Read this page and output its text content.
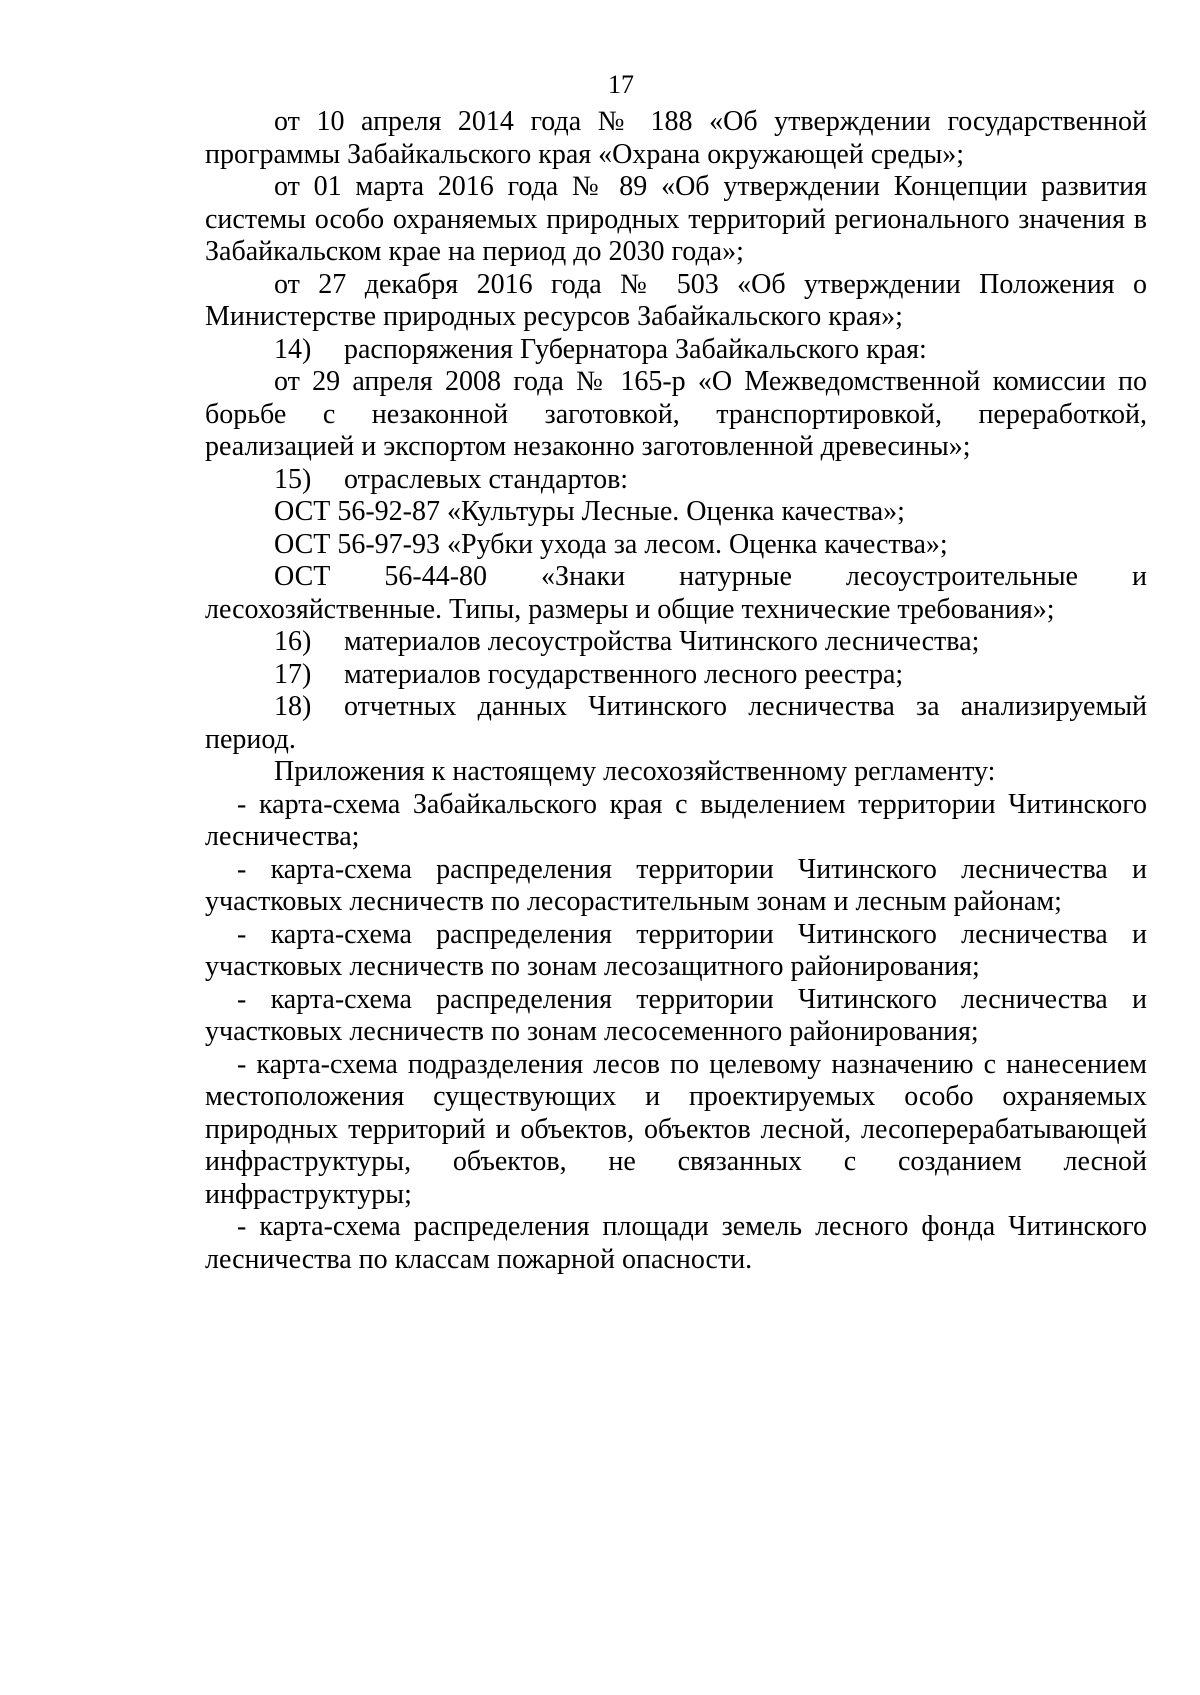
17

от 10 апреля 2014 года № 188 «Об утверждении государственной программы Забайкальского края «Охрана окружающей среды»;

от 01 марта 2016 года № 89 «Об утверждении Концепции развития системы особо охраняемых природных территорий регионального значения в Забайкальском крае на период до 2030 года»;

от 27 декабря 2016 года № 503 «Об утверждении Положения о Министерстве природных ресурсов Забайкальского края»;

14)	распоряжения Губернатора Забайкальского края:

от 29 апреля 2008 года № 165-р «О Межведомственной комиссии по борьбе с незаконной заготовкой, транспортировкой, переработкой, реализацией и экспортом незаконно заготовленной древесины»;

15)	отраслевых стандартов:

ОСТ 56-92-87 «Культуры Лесные. Оценка качества»;

ОСТ 56-97-93 «Рубки ухода за лесом. Оценка качества»;

ОСТ 56-44-80 «Знаки натурные лесоустроительные и лесохозяйственные. Типы, размеры и общие технические требования»;

16)	материалов лесоустройства Читинского лесничества;
17)	материалов государственного лесного реестра;

18) отчетных данных Читинского лесничества за анализируемый период.

Приложения к настоящему лесохозяйственному регламенту:

- карта-схема Забайкальского края с выделением территории Читинского лесничества;

- карта-схема распределения территории Читинского лесничества и участковых лесничеств по лесорастительным зонам и лесным районам;

- карта-схема распределения территории Читинского лесничества и участковых лесничеств по зонам лесозащитного районирования;

- карта-схема распределения территории Читинского лесничества и участковых лесничеств по зонам лесосеменного районирования;

- карта-схема подразделения лесов по целевому назначению с нанесением местоположения существующих и проектируемых особо охраняемых природных территорий и объектов, объектов лесной, лесоперерабатывающей инфраструктуры, объектов, не связанных с созданием лесной инфраструктуры;

- карта-схема распределения площади земель лесного фонда Читинского лесничества по классам пожарной опасности.
